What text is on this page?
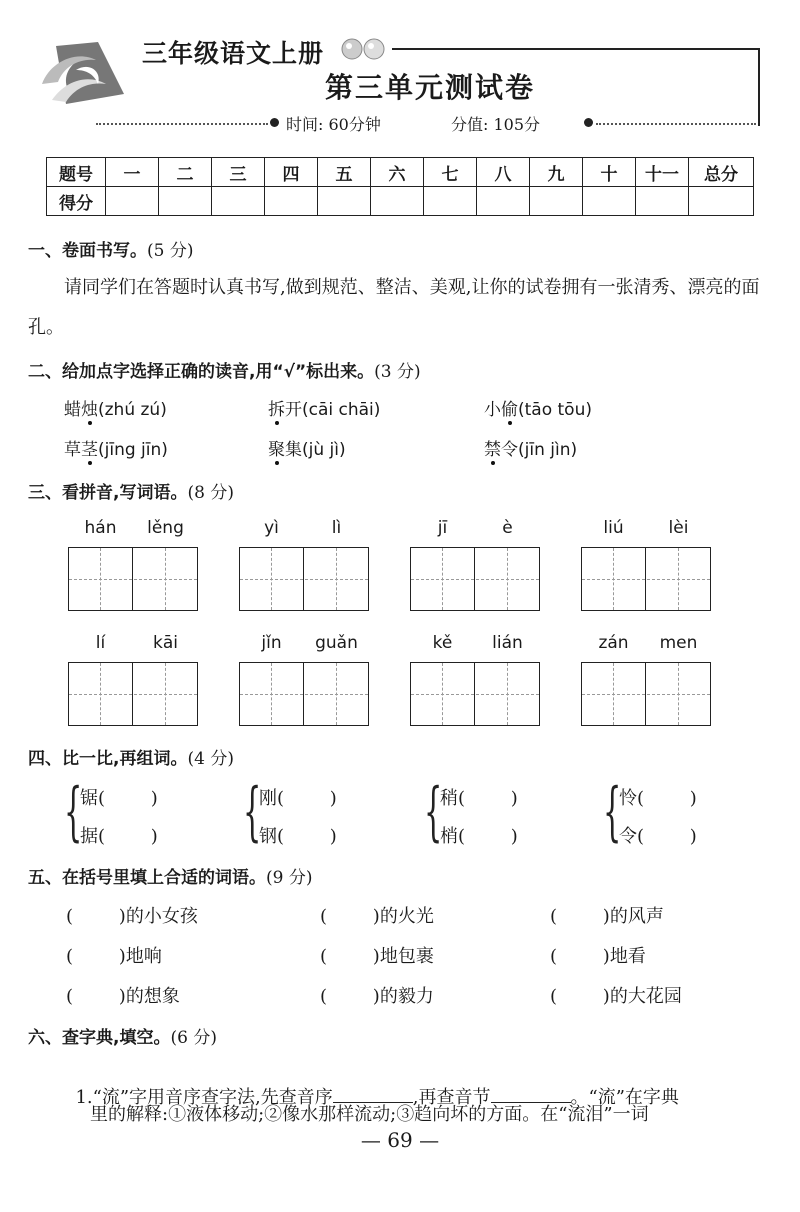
三年级语文上册
第三单元测试卷
时间: 60分钟	分值: 105分
题号	一	二	三	四	五	六	七	八	九	十	十一	总分
得分												
一、卷面书写。(5 分)
请同学们在答题时认真书写,做到规范、整洁、美观,让你的试卷拥有一张清秀、漂亮的面孔。
二、给加点字选择正确的读音,用“√”标出来。(3 分)
蜡烛(zhú zú)	拆开(cāi chāi)	小偷(tāo tōu)
草茎(jīng jīn)	聚集(jù jì)	禁令(jīn jìn)
三、看拼音,写词语。(8 分)
hán	lěng	yì	lì	jī	è	liú	lèi
lí	kāi	jǐn	guǎn	kě	lián	zán	men
四、比一比,再组词。(4 分)
{
锯(        )
据(        ) {
刚(        )
钢(        ) {
稍(        )
梢(        ) {
怜(        )
令(        )
五、在括号里填上合适的词语。(9 分)
(        )的小女孩	(        )的火光	(        )的风声
(        )地响	(        )地包裹	(        )地看
(        )的想象	(        )的毅力	(        )的大花园
六、查字典,填空。(6 分)

1.“流”字用音序查字法,先查音序	,再查音节	。“流”在字典

里的解释:①液体移动;②像水那样流动;③趋向坏的方面。在“流泪”一词
— 69 —
